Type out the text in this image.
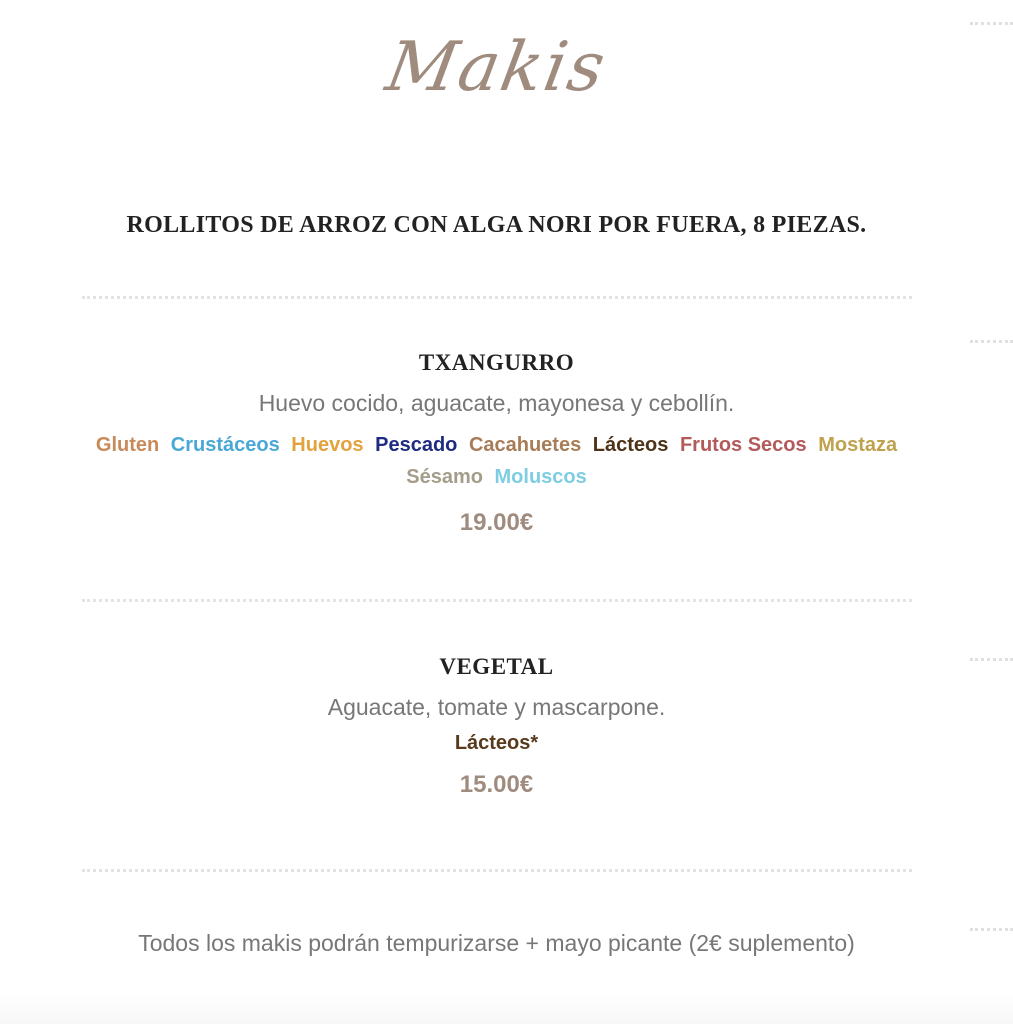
Makis
ROLLITOS DE ARROZ CON ALGA NORI POR FUERA, 8 PIEZAS.
TXANGURRO
Huevo cocido, aguacate, mayonesa y cebollín.
Gluten Crustáceos Huevos Pescado Cacahuetes Lácteos Frutos Secos Mostaza Sésamo Moluscos
19.00€
VEGETAL
Aguacate, tomate y mascarpone.
Lácteos*
15.00€
Todos los makis podrán tempurizarse + mayo picante (2€ suplemento)
